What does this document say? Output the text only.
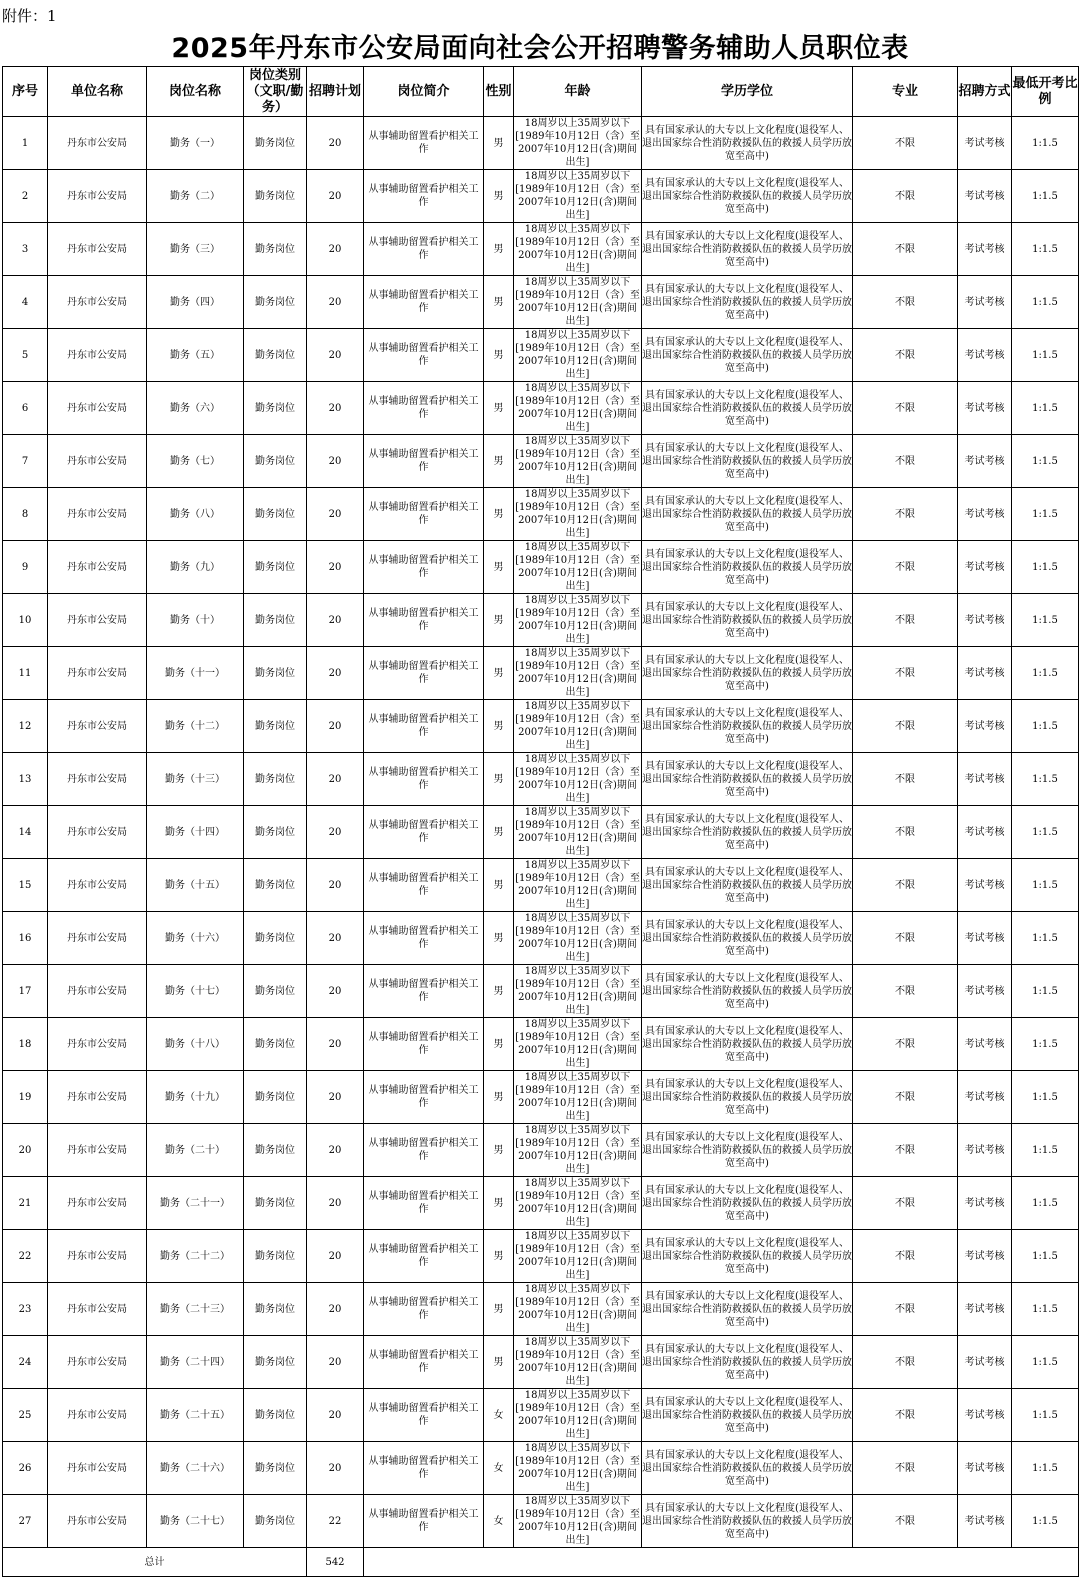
附件：1
2025年丹东市公安局面向社会公开招聘警务辅助人员职位表
序号	单位名称	岗位名称	岗位类别（文职/勤务）	招聘计划	岗位简介	性别	年龄	学历学位	专业	招聘方式	最低开考比例
1	丹东市公安局	勤务（一）	勤务岗位	20	从事辅助留置看护相关工作	男	18周岁以上35周岁以下[1989年10月12日（含）至2007年10月12日(含)期间出生]	具有国家承认的大专以上文化程度(退役军人、退出国家综合性消防救援队伍的救援人员学历放宽至高中)	不限	考试考核	1:1.5
2	丹东市公安局	勤务（二）	勤务岗位	20	从事辅助留置看护相关工作	男	18周岁以上35周岁以下[1989年10月12日（含）至2007年10月12日(含)期间出生]	具有国家承认的大专以上文化程度(退役军人、退出国家综合性消防救援队伍的救援人员学历放宽至高中)	不限	考试考核	1:1.5
3	丹东市公安局	勤务（三）	勤务岗位	20	从事辅助留置看护相关工作	男	18周岁以上35周岁以下[1989年10月12日（含）至2007年10月12日(含)期间出生]	具有国家承认的大专以上文化程度(退役军人、退出国家综合性消防救援队伍的救援人员学历放宽至高中)	不限	考试考核	1:1.5
4	丹东市公安局	勤务（四）	勤务岗位	20	从事辅助留置看护相关工作	男	18周岁以上35周岁以下[1989年10月12日（含）至2007年10月12日(含)期间出生]	具有国家承认的大专以上文化程度(退役军人、退出国家综合性消防救援队伍的救援人员学历放宽至高中)	不限	考试考核	1:1.5
5	丹东市公安局	勤务（五）	勤务岗位	20	从事辅助留置看护相关工作	男	18周岁以上35周岁以下[1989年10月12日（含）至2007年10月12日(含)期间出生]	具有国家承认的大专以上文化程度(退役军人、退出国家综合性消防救援队伍的救援人员学历放宽至高中)	不限	考试考核	1:1.5
6	丹东市公安局	勤务（六）	勤务岗位	20	从事辅助留置看护相关工作	男	18周岁以上35周岁以下[1989年10月12日（含）至2007年10月12日(含)期间出生]	具有国家承认的大专以上文化程度(退役军人、退出国家综合性消防救援队伍的救援人员学历放宽至高中)	不限	考试考核	1:1.5
7	丹东市公安局	勤务（七）	勤务岗位	20	从事辅助留置看护相关工作	男	18周岁以上35周岁以下[1989年10月12日（含）至2007年10月12日(含)期间出生]	具有国家承认的大专以上文化程度(退役军人、退出国家综合性消防救援队伍的救援人员学历放宽至高中)	不限	考试考核	1:1.5
8	丹东市公安局	勤务（八）	勤务岗位	20	从事辅助留置看护相关工作	男	18周岁以上35周岁以下[1989年10月12日（含）至2007年10月12日(含)期间出生]	具有国家承认的大专以上文化程度(退役军人、退出国家综合性消防救援队伍的救援人员学历放宽至高中)	不限	考试考核	1:1.5
9	丹东市公安局	勤务（九）	勤务岗位	20	从事辅助留置看护相关工作	男	18周岁以上35周岁以下[1989年10月12日（含）至2007年10月12日(含)期间出生]	具有国家承认的大专以上文化程度(退役军人、退出国家综合性消防救援队伍的救援人员学历放宽至高中)	不限	考试考核	1:1.5
10	丹东市公安局	勤务（十）	勤务岗位	20	从事辅助留置看护相关工作	男	18周岁以上35周岁以下[1989年10月12日（含）至2007年10月12日(含)期间出生]	具有国家承认的大专以上文化程度(退役军人、退出国家综合性消防救援队伍的救援人员学历放宽至高中)	不限	考试考核	1:1.5
11	丹东市公安局	勤务（十一）	勤务岗位	20	从事辅助留置看护相关工作	男	18周岁以上35周岁以下[1989年10月12日（含）至2007年10月12日(含)期间出生]	具有国家承认的大专以上文化程度(退役军人、退出国家综合性消防救援队伍的救援人员学历放宽至高中)	不限	考试考核	1:1.5
12	丹东市公安局	勤务（十二）	勤务岗位	20	从事辅助留置看护相关工作	男	18周岁以上35周岁以下[1989年10月12日（含）至2007年10月12日(含)期间出生]	具有国家承认的大专以上文化程度(退役军人、退出国家综合性消防救援队伍的救援人员学历放宽至高中)	不限	考试考核	1:1.5
13	丹东市公安局	勤务（十三）	勤务岗位	20	从事辅助留置看护相关工作	男	18周岁以上35周岁以下[1989年10月12日（含）至2007年10月12日(含)期间出生]	具有国家承认的大专以上文化程度(退役军人、退出国家综合性消防救援队伍的救援人员学历放宽至高中)	不限	考试考核	1:1.5
14	丹东市公安局	勤务（十四）	勤务岗位	20	从事辅助留置看护相关工作	男	18周岁以上35周岁以下[1989年10月12日（含）至2007年10月12日(含)期间出生]	具有国家承认的大专以上文化程度(退役军人、退出国家综合性消防救援队伍的救援人员学历放宽至高中)	不限	考试考核	1:1.5
15	丹东市公安局	勤务（十五）	勤务岗位	20	从事辅助留置看护相关工作	男	18周岁以上35周岁以下[1989年10月12日（含）至2007年10月12日(含)期间出生]	具有国家承认的大专以上文化程度(退役军人、退出国家综合性消防救援队伍的救援人员学历放宽至高中)	不限	考试考核	1:1.5
16	丹东市公安局	勤务（十六）	勤务岗位	20	从事辅助留置看护相关工作	男	18周岁以上35周岁以下[1989年10月12日（含）至2007年10月12日(含)期间出生]	具有国家承认的大专以上文化程度(退役军人、退出国家综合性消防救援队伍的救援人员学历放宽至高中)	不限	考试考核	1:1.5
17	丹东市公安局	勤务（十七）	勤务岗位	20	从事辅助留置看护相关工作	男	18周岁以上35周岁以下[1989年10月12日（含）至2007年10月12日(含)期间出生]	具有国家承认的大专以上文化程度(退役军人、退出国家综合性消防救援队伍的救援人员学历放宽至高中)	不限	考试考核	1:1.5
18	丹东市公安局	勤务（十八）	勤务岗位	20	从事辅助留置看护相关工作	男	18周岁以上35周岁以下[1989年10月12日（含）至2007年10月12日(含)期间出生]	具有国家承认的大专以上文化程度(退役军人、退出国家综合性消防救援队伍的救援人员学历放宽至高中)	不限	考试考核	1:1.5
19	丹东市公安局	勤务（十九）	勤务岗位	20	从事辅助留置看护相关工作	男	18周岁以上35周岁以下[1989年10月12日（含）至2007年10月12日(含)期间出生]	具有国家承认的大专以上文化程度(退役军人、退出国家综合性消防救援队伍的救援人员学历放宽至高中)	不限	考试考核	1:1.5
20	丹东市公安局	勤务（二十）	勤务岗位	20	从事辅助留置看护相关工作	男	18周岁以上35周岁以下[1989年10月12日（含）至2007年10月12日(含)期间出生]	具有国家承认的大专以上文化程度(退役军人、退出国家综合性消防救援队伍的救援人员学历放宽至高中)	不限	考试考核	1:1.5
21	丹东市公安局	勤务（二十一）	勤务岗位	20	从事辅助留置看护相关工作	男	18周岁以上35周岁以下[1989年10月12日（含）至2007年10月12日(含)期间出生]	具有国家承认的大专以上文化程度(退役军人、退出国家综合性消防救援队伍的救援人员学历放宽至高中)	不限	考试考核	1:1.5
22	丹东市公安局	勤务（二十二）	勤务岗位	20	从事辅助留置看护相关工作	男	18周岁以上35周岁以下[1989年10月12日（含）至2007年10月12日(含)期间出生]	具有国家承认的大专以上文化程度(退役军人、退出国家综合性消防救援队伍的救援人员学历放宽至高中)	不限	考试考核	1:1.5
23	丹东市公安局	勤务（二十三）	勤务岗位	20	从事辅助留置看护相关工作	男	18周岁以上35周岁以下[1989年10月12日（含）至2007年10月12日(含)期间出生]	具有国家承认的大专以上文化程度(退役军人、退出国家综合性消防救援队伍的救援人员学历放宽至高中)	不限	考试考核	1:1.5
24	丹东市公安局	勤务（二十四）	勤务岗位	20	从事辅助留置看护相关工作	男	18周岁以上35周岁以下[1989年10月12日（含）至2007年10月12日(含)期间出生]	具有国家承认的大专以上文化程度(退役军人、退出国家综合性消防救援队伍的救援人员学历放宽至高中)	不限	考试考核	1:1.5
25	丹东市公安局	勤务（二十五）	勤务岗位	20	从事辅助留置看护相关工作	女	18周岁以上35周岁以下[1989年10月12日（含）至2007年10月12日(含)期间出生]	具有国家承认的大专以上文化程度(退役军人、退出国家综合性消防救援队伍的救援人员学历放宽至高中)	不限	考试考核	1:1.5
26	丹东市公安局	勤务（二十六）	勤务岗位	20	从事辅助留置看护相关工作	女	18周岁以上35周岁以下[1989年10月12日（含）至2007年10月12日(含)期间出生]	具有国家承认的大专以上文化程度(退役军人、退出国家综合性消防救援队伍的救援人员学历放宽至高中)	不限	考试考核	1:1.5
27	丹东市公安局	勤务（二十七）	勤务岗位	22	从事辅助留置看护相关工作	女	18周岁以上35周岁以下[1989年10月12日（含）至2007年10月12日(含)期间出生]	具有国家承认的大专以上文化程度(退役军人、退出国家综合性消防救援队伍的救援人员学历放宽至高中)	不限	考试考核	1:1.5
总计				542							
